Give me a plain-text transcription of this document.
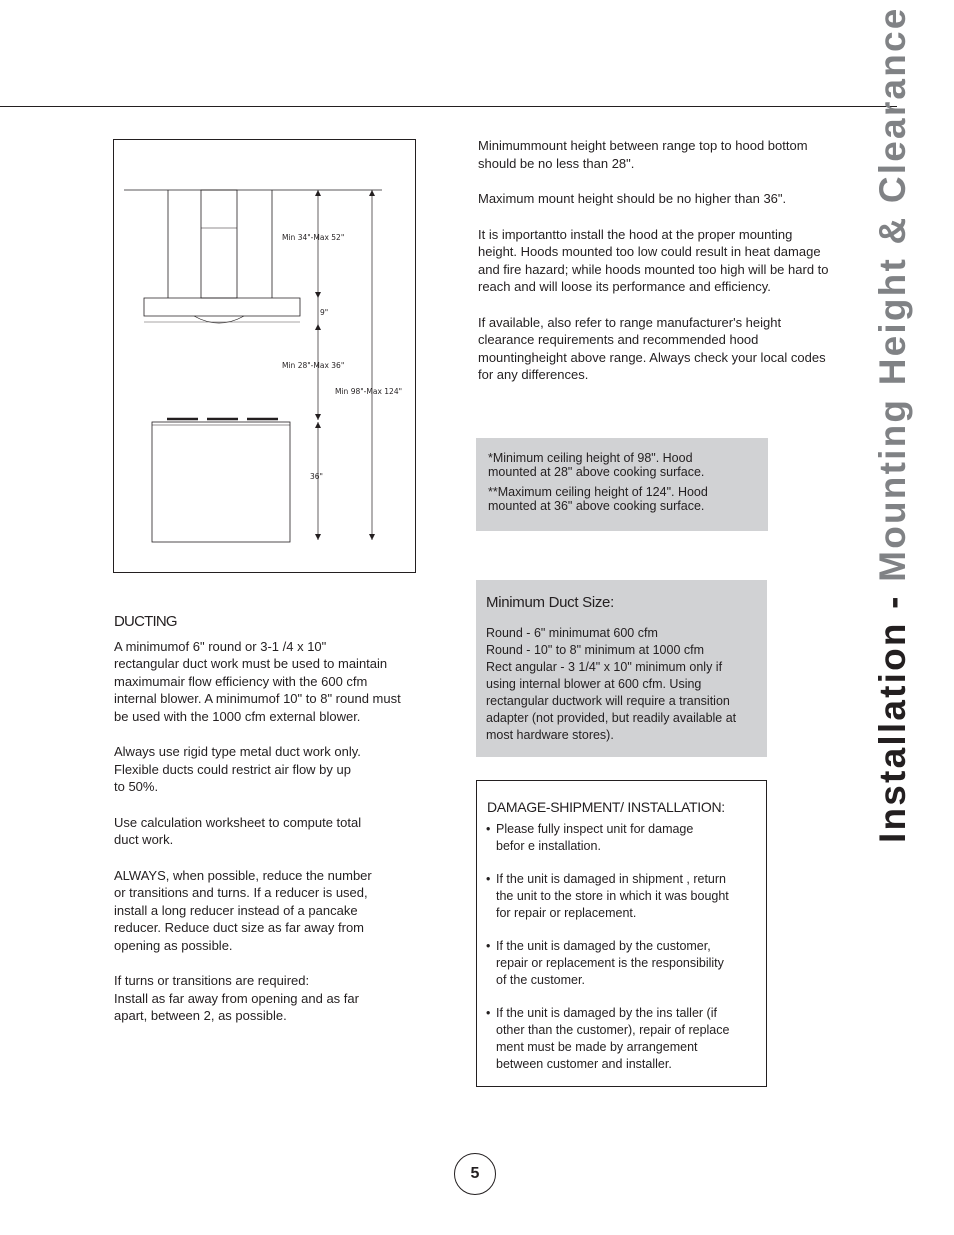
Installation - Mounting Height & Clearance
Min 34"-Max 52"
9"
Min 28"-Max 36"
Min 98"-Max 124"
36"

Minimummount height between range top to hood bottom should be no less than 28".

Maximum mount height should be no higher than 36".

It is importantto install the hood at the proper mounting height. Hoods mounted too low could result in heat damage and fire hazard; while hoods mounted too high will be hard to reach and will loose its performance and efficiency.

If available, also refer to range manufacturer's height clearance requirements and recommended hood mountingheight above range. Always check your local codes for any differences.

*Minimum ceiling height of 98". Hood
mounted at 28" above cooking surface.
**Maximum ceiling height of 124". Hood
mounted at 36" above cooking surface.
DUCTING

A minimumof 6" round or 3-1 /4 x 10"
rectangular duct work must be used to maintain
maximumair flow efficiency with the 600 cfm
internal blower. A minimumof 10" to 8" round must
be used with the 1000 cfm external blower.

Always use rigid type metal duct work only.
Flexible ducts could restrict air flow by up
to 50%.

Use calculation worksheet to compute total
duct work.

ALWAYS, when possible, reduce the number
or transitions and turns. If a reducer is used,
install a long reducer instead of a pancake
reducer. Reduce duct size as far away from
opening as possible.

If turns or transitions are required:
Install as far away from opening and as far
apart, between 2, as possible.

Minimum Duct Size:
Round - 6" minimumat 600 cfm
Round - 10" to 8" minimum at 1000 cfm
Rect angular - 3 1/4" x 10" minimum only if
using internal blower at 600 cfm. Using
rectangular ductwork will require a transition
adapter (not provided, but readily available at
most hardware stores).
DAMAGE-SHIPMENT/ INSTALLATION:
• Please fully inspect unit for damage
befor e installation.
• If the unit is damaged in shipment , return
the unit to the store in which it was bought
for repair or replacement.
• If the unit is damaged by the customer,
repair or replacement is the responsibility
of the customer.
• If the unit is damaged by the ins taller (if
other than the customer), repair of replace
ment must be made by arrangement
between customer and installer.
5
